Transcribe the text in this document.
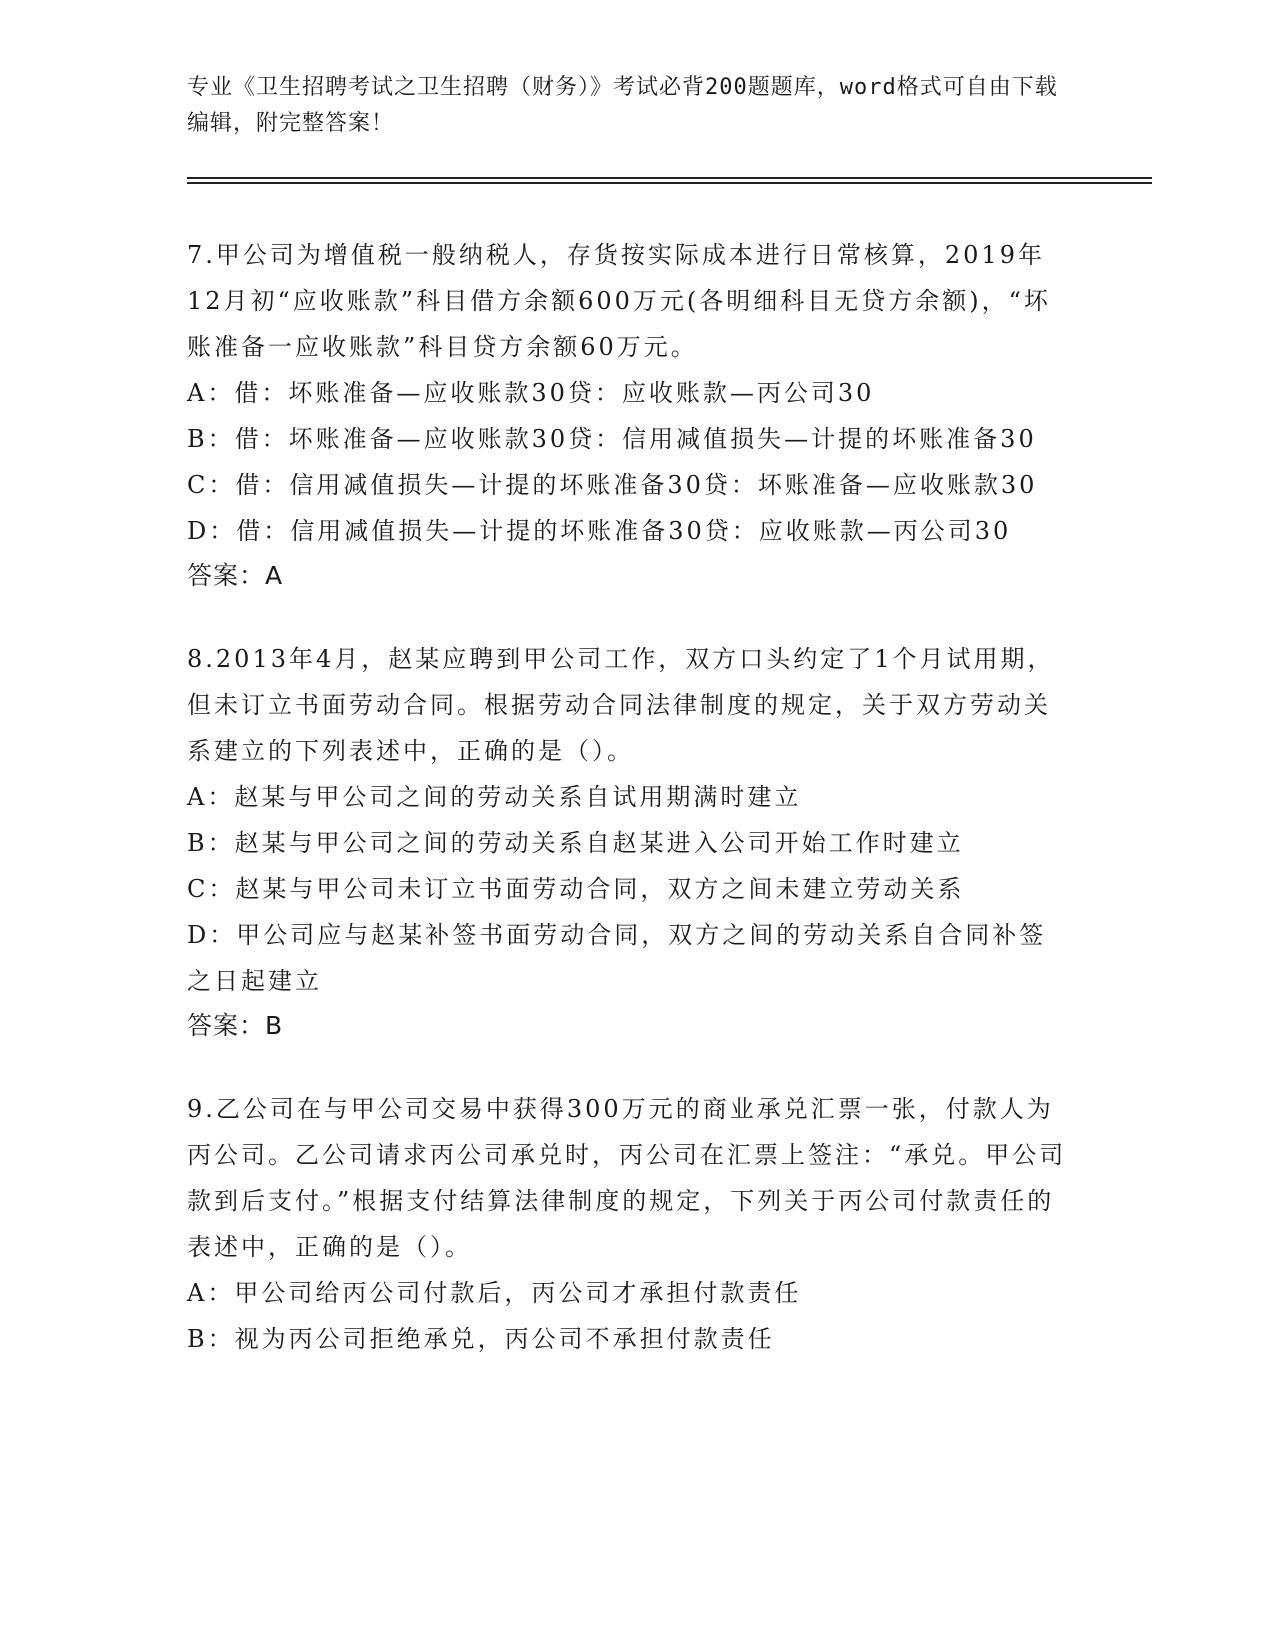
专业《卫生招聘考试之卫生招聘（财务）》考试必背200题题库，word格式可自由下载编辑，附完整答案！
7.甲公司为增值税一般纳税人，存货按实际成本进行日常核算，2019年12月初“应收账款”科目借方余额600万元(各明细科目无贷方余额)，“坏账准备一应收账款”科目贷方余额60万元。
A：借：坏账准备—应收账款30贷：应收账款—丙公司30
B：借：坏账准备—应收账款30贷：信用减值损失—计提的坏账准备30
C：借：信用减值损失—计提的坏账准备30贷：坏账准备—应收账款30
D：借：信用减值损失—计提的坏账准备30贷：应收账款—丙公司30
答案：A
8.2013年4月，赵某应聘到甲公司工作，双方口头约定了1个月试用期，但未订立书面劳动合同。根据劳动合同法律制度的规定，关于双方劳动关系建立的下列表述中，正确的是（）。
A：赵某与甲公司之间的劳动关系自试用期满时建立
B：赵某与甲公司之间的劳动关系自赵某进入公司开始工作时建立
C：赵某与甲公司未订立书面劳动合同，双方之间未建立劳动关系
D：甲公司应与赵某补签书面劳动合同，双方之间的劳动关系自合同补签之日起建立
答案：B
9.乙公司在与甲公司交易中获得300万元的商业承兑汇票一张，付款人为丙公司。乙公司请求丙公司承兑时，丙公司在汇票上签注：“承兑。甲公司款到后支付。”根据支付结算法律制度的规定，下列关于丙公司付款责任的表述中，正确的是（）。
A：甲公司给丙公司付款后，丙公司才承担付款责任
B：视为丙公司拒绝承兑，丙公司不承担付款责任
